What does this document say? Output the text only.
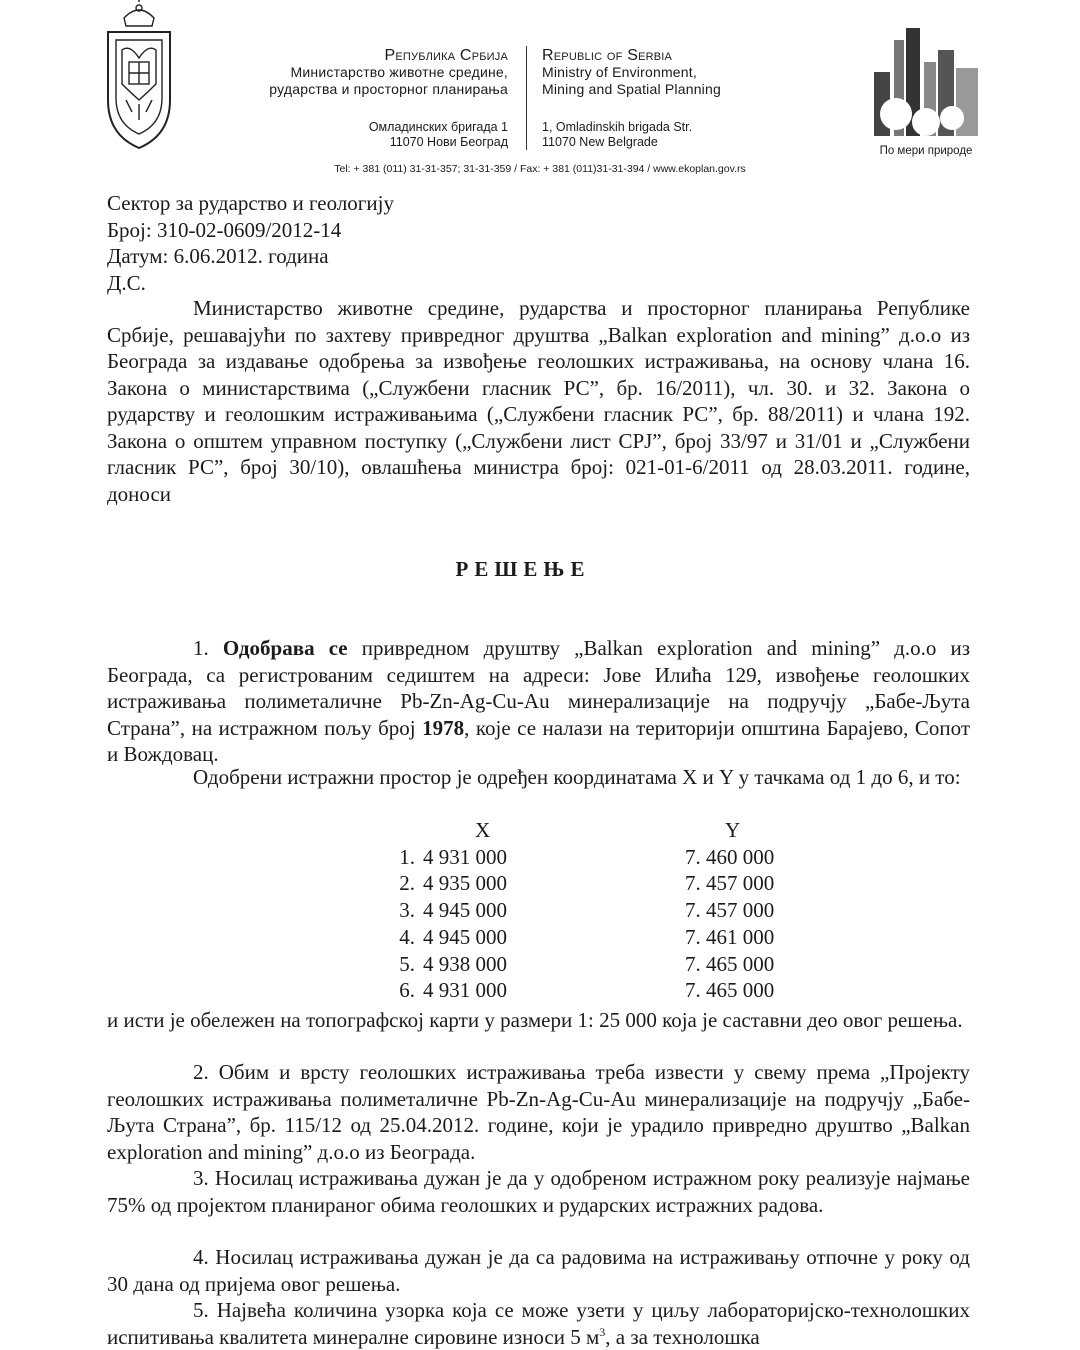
Република Србија
Министарство животне средине,
рударства и просторног планирања
Republic of Serbia
Ministry of Environment,
Mining and Spatial Planning
Омладинских бригада 1
11070 Нови Београд
1, Omladinskih brigada Str.
11070 New Belgrade
Tel: + 381 (011) 31-31-357; 31-31-359 / Fax: + 381 (011)31-31-394 / www.ekoplan.gov.rs
По мери природе
Сектор за рударство и геологију
Број: 310-02-0609/2012-14
Датум: 6.06.2012. година
Д.С.
Министарство животне средине, рударства и просторног планирања Републике Србије, решавајући по захтеву привредног друштва „Balkan exploration and mining” д.о.о из Београда за издавање одобрења за извођење геолошких истраживања, на основу члана 16. Закона о министарствима („Службени гласник РС”, бр. 16/2011), чл. 30. и 32. Закона о рударству и геолошким истраживањима („Службени гласник РС”, бр. 88/2011) и члана 192. Закона о општем управном поступку („Службени лист СРЈ”, број 33/97 и 31/01 и „Службени гласник РС”, број 30/10), овлашћења министра број: 021-01-6/2011 од 28.03.2011. године, доноси
РЕШЕЊЕ
1. Одобрава се привредном друштву „Balkan exploration and mining” д.о.о из Београда, са регистрованим седиштем на адреси: Јове Илића 129, извођење геолошких истраживања полиметаличне Pb-Zn-Ag-Cu-Au минерализације на подручју „Бабе-Љута Страна”, на истражном пољу број 1978, које се налази на територији општина Барајево, Сопот и Вождовац.
Одобрени истражни простор је одређен координатама X и Y у тачкама од 1 до 6, и то:
	X	Y
1.	4 931 000	7. 460 000
2.	4 935 000	7. 457 000
3.	4 945 000	7. 457 000
4.	4 945 000	7. 461 000
5.	4 938 000	7. 465 000
6.	4 931 000	7. 465 000
и исти је обележен на топографској карти у размери 1: 25 000 која је саставни део овог решења.
2. Обим и врсту геолошких истраживања треба извести у свему према „Пројекту геолошких истраживања полиметаличне Pb-Zn-Ag-Cu-Au минерализације на подручју „Бабе-Љута Страна”, бр. 115/12 од 25.04.2012. године, који је урадило привредно друштво „Balkan exploration and mining” д.о.о из Београда.
3. Носилац истраживања дужан је да у одобреном истражном року реализује најмање 75% од пројектом планираног обима геолошких и рударских истражних радова.
4. Носилац истраживања дужан је да са радовима на истраживању отпочне у року од 30 дана од пријема овог решења.
5. Највећа количина узорка која се може узети у циљу лабораторијско-технолошких испитивања квалитета минералне сировине износи 5 $м^3$, а за технолошка
